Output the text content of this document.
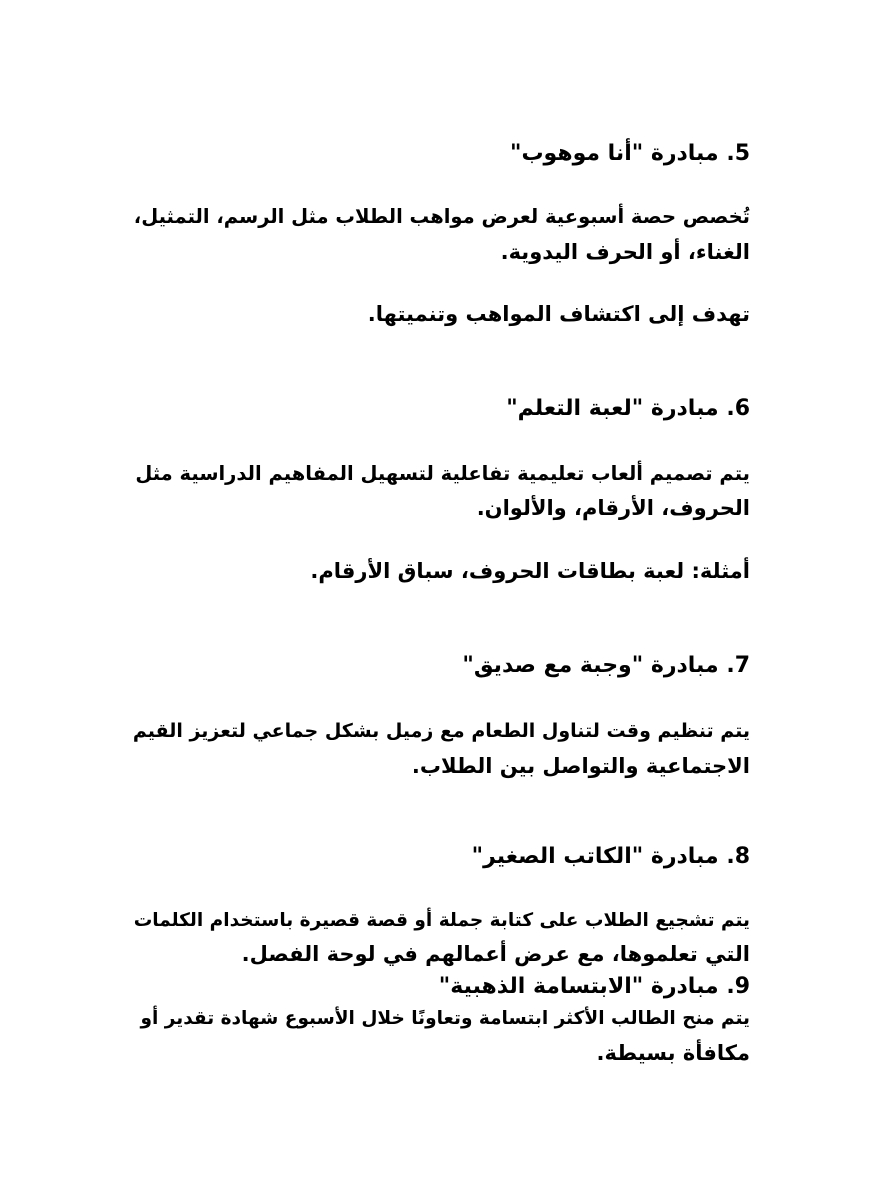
5. مبادرة "أنا موهوب"

تُخصص حصة أسبوعية لعرض مواهب الطلاب مثل الرسم، التمثيل،

الغناء، أو الحرف اليدوية.

تهدف إلى اكتشاف المواهب وتنميتها.

6. مبادرة "لعبة التعلم"

يتم تصميم ألعاب تعليمية تفاعلية لتسهيل المفاهيم الدراسية مثل

الحروف، الأرقام، والألوان.

أمثلة: لعبة بطاقات الحروف، سباق الأرقام.

7. مبادرة "وجبة مع صديق"

يتم تنظيم وقت لتناول الطعام مع زميل بشكل جماعي لتعزيز القيم

الاجتماعية والتواصل بين الطلاب.

8. مبادرة "الكاتب الصغير"

يتم تشجيع الطلاب على كتابة جملة أو قصة قصيرة باستخدام الكلمات

التي تعلموها، مع عرض أعمالهم في لوحة الفصل.

9. مبادرة "الابتسامة الذهبية"

يتم منح الطالب الأكثر ابتسامة وتعاونًا خلال الأسبوع شهادة تقدير أو

مكافأة بسيطة.
